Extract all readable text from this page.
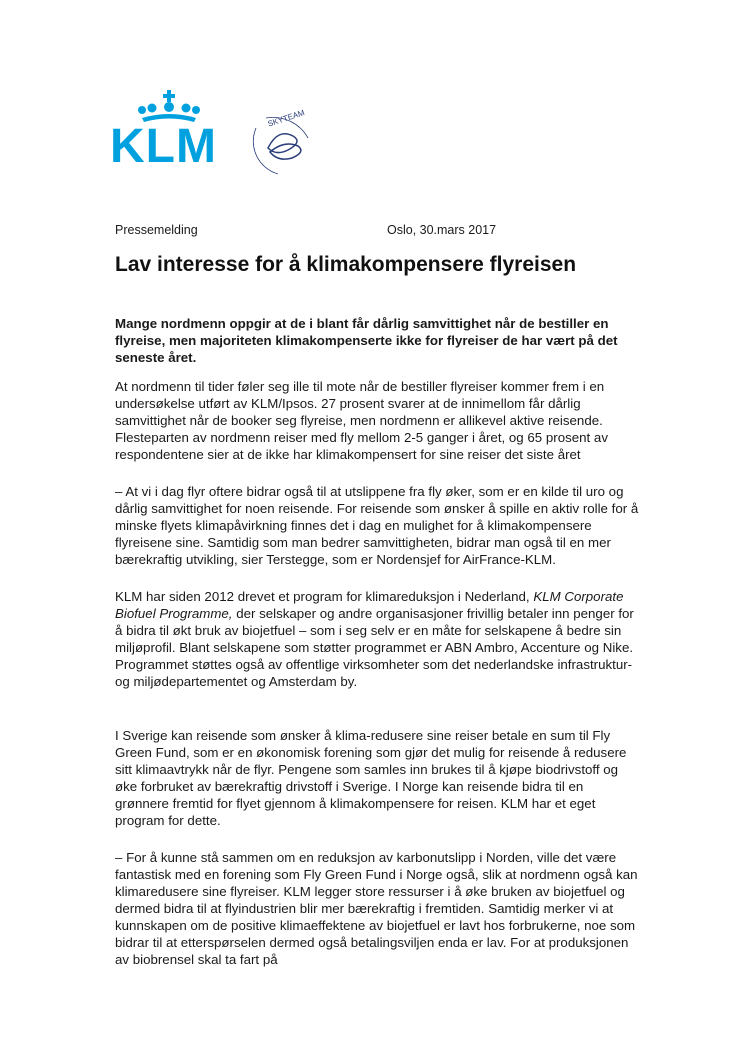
KLM
SKYTEAM
Pressemelding	Oslo, 30.mars 2017
Lav interesse for å klimakompensere flyreisen

Mange nordmenn oppgir at de i blant får dårlig samvittighet når de bestiller en flyreise, men majoriteten klimakompenserte ikke for flyreiser de har vært på det seneste året.

At nordmenn til tider føler seg ille til mote når de bestiller flyreiser kommer frem i en undersøkelse utført av KLM/Ipsos. 27 prosent svarer at de innimellom får dårlig samvittighet når de booker seg flyreise, men nordmenn er allikevel aktive reisende. Flesteparten av nordmenn reiser med fly mellom 2-5 ganger i året, og 65 prosent av respondentene sier at de ikke har klimakompensert for sine reiser det siste året

– At vi i dag flyr oftere bidrar også til at utslippene fra fly øker, som er en kilde til uro og dårlig samvittighet for noen reisende. For reisende som ønsker å spille en aktiv rolle for å minske flyets klimapåvirkning finnes det i dag en mulighet for å klimakompensere flyreisene sine. Samtidig som man bedrer samvittigheten, bidrar man også til en mer bærekraftig utvikling, sier Terstegge, som er Nordensjef for AirFrance-KLM.

KLM har siden 2012 drevet et program for klimareduksjon i Nederland, KLM Corporate Biofuel Programme, der selskaper og andre organisasjoner frivillig betaler inn penger for å bidra til økt bruk av biojetfuel – som i seg selv er en måte for selskapene å bedre sin miljøprofil. Blant selskapene som støtter programmet er ABN Ambro, Accenture og Nike. Programmet støttes også av offentlige virksomheter som det nederlandske infrastruktur- og miljødepartementet og Amsterdam by.

I Sverige kan reisende som ønsker å klima-redusere sine reiser betale en sum til Fly Green Fund, som er en økonomisk forening som gjør det mulig for reisende å redusere sitt klimaavtrykk når de flyr. Pengene som samles inn brukes til å kjøpe biodrivstoff og øke forbruket av bærekraftig drivstoff i Sverige. I Norge kan reisende bidra til en grønnere fremtid for flyet gjennom å klimakompensere for reisen. KLM har et eget program for dette.

– For å kunne stå sammen om en reduksjon av karbonutslipp i Norden, ville det være fantastisk med en forening som Fly Green Fund i Norge også, slik at nordmenn også kan klimaredusere sine flyreiser. KLM legger store ressurser i å øke bruken av biojetfuel og dermed bidra til at flyindustrien blir mer bærekraftig i fremtiden. Samtidig merker vi at kunnskapen om de positive klimaeffektene av biojetfuel er lavt hos forbrukerne, noe som bidrar til at etterspørselen dermed også betalingsviljen enda er lav. For at produksjonen av biobrensel skal ta fart på
